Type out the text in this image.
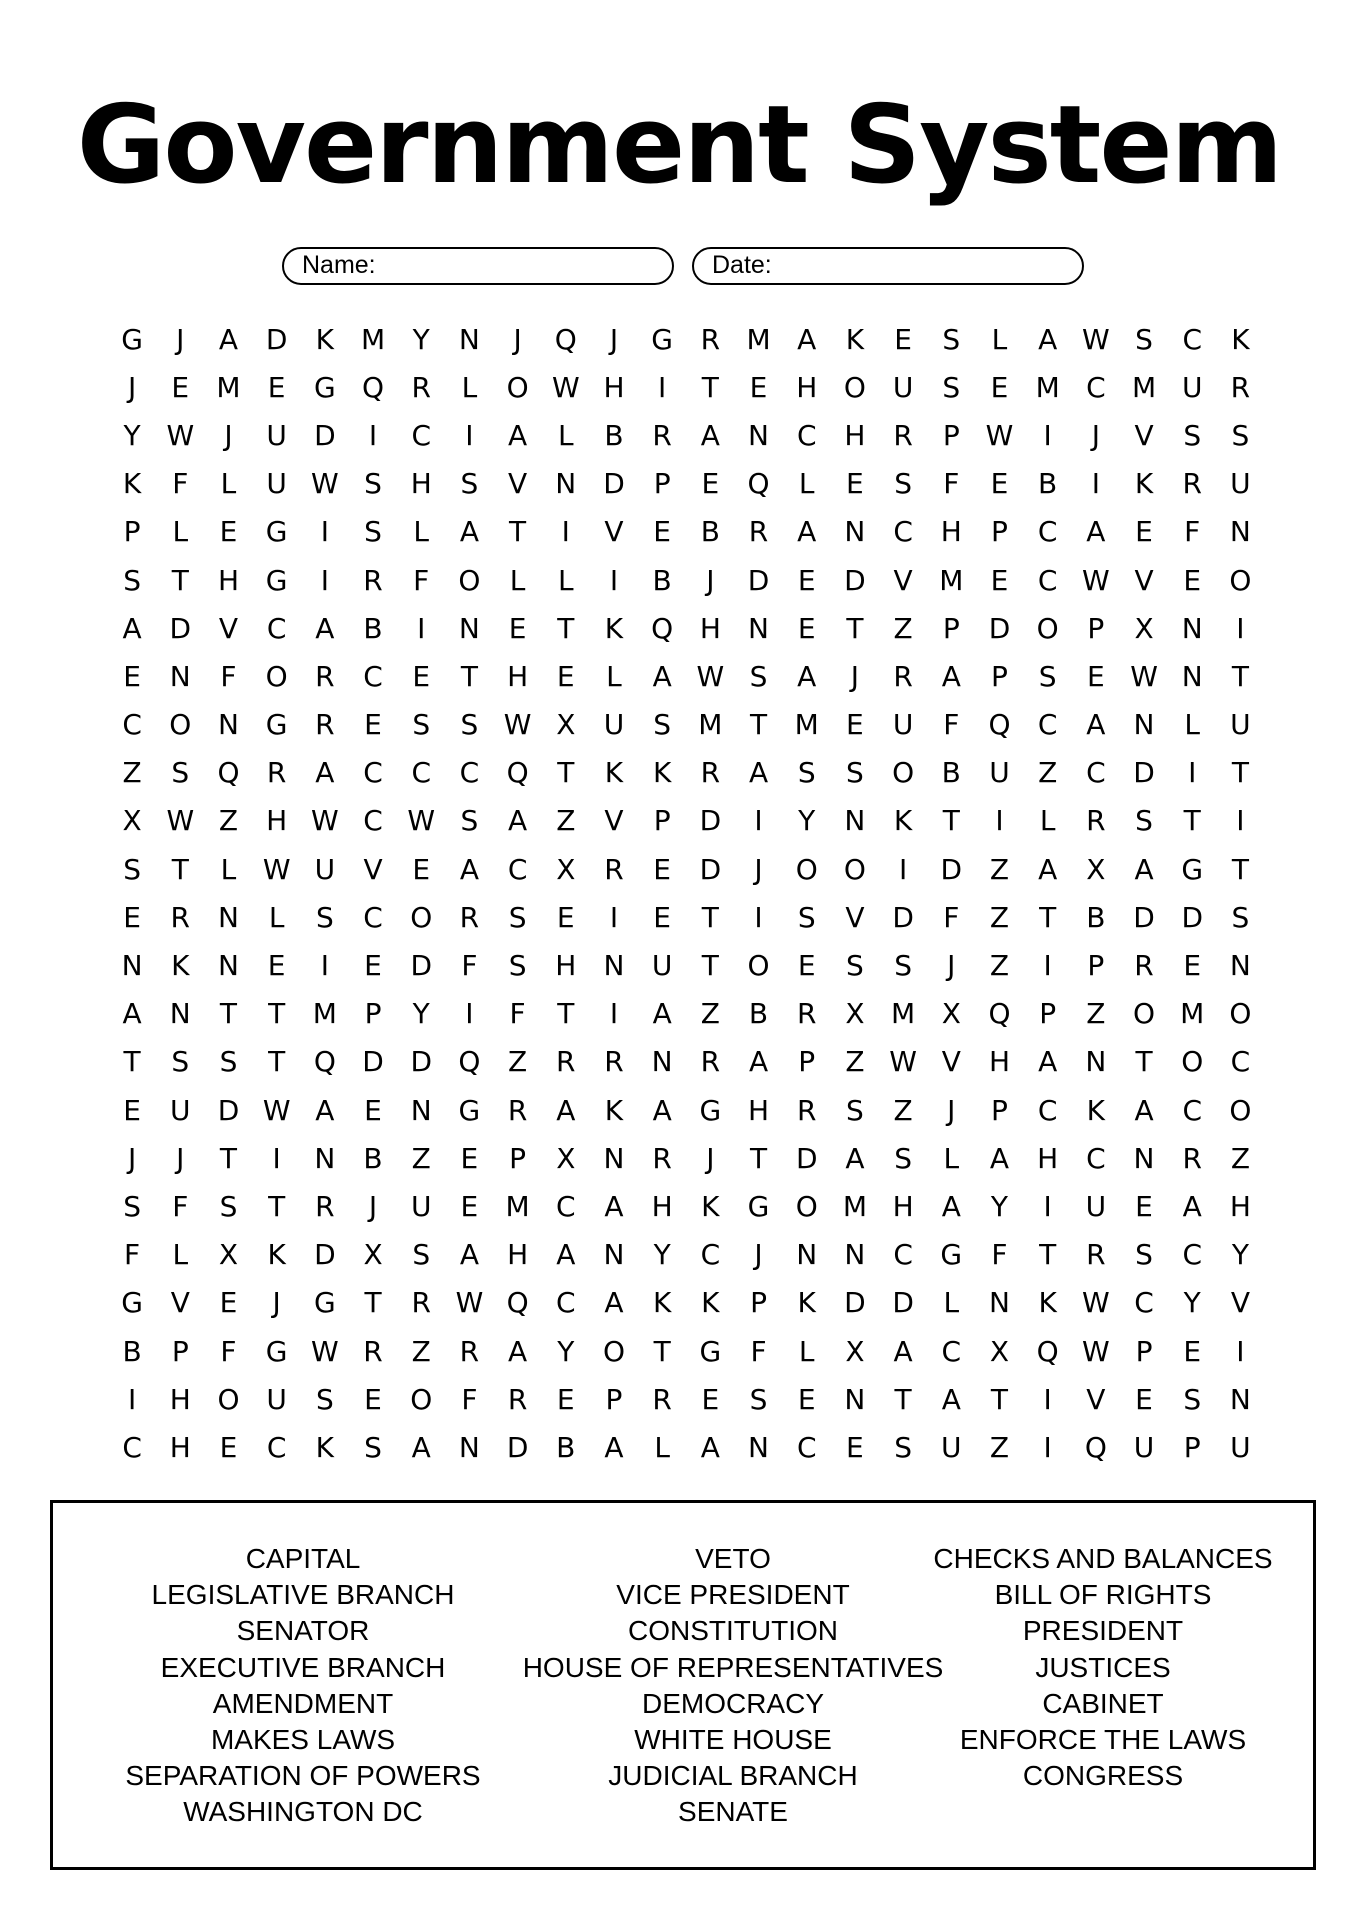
Government System
Name:	Date:
G	J	A D	K M Y	N	J	Q	J	G R M A	K	E	S	L	A W S	C	K
J	E M E	G Q R	L	O W H	I	T	E	H O U	S	E M C M U	R
Y W	J	U D	I	C	I	A	L	B	R	A	N C H R	P W	I	J	V	S	S
K	F	L	U W S	H	S	V	N D	P	E	Q	L	E	S	F	E	B	I	K	R	U
P	L	E	G	I	S	L	A	T	I	V	E	B	R	A	N C H	P	C	A	E	F	N
S	T	H G	I	R	F	O	L	L	I	B	J	D	E	D V M E	C W V	E	O
A D V	C	A	B	I	N	E	T	K Q H N	E	T	Z	P	D O	P	X	N	I
E	N	F	O R	C	E	T	H	E	L	A W S	A	J	R	A	P	S	E W N	T
C O N G R	E	S	S W X	U	S M T M E	U	F	Q C	A	N	L	U
Z	S	Q R	A	C	C	C Q	T	K	K	R	A	S	S	O B	U	Z	C D	I	T
X W Z	H W C W S	A	Z	V	P	D	I	Y	N	K	T	I	L	R	S	T	I
S	T	L W U	V	E	A	C	X	R	E	D	J	O O	I	D Z	A	X	A G	T
E	R N	L	S	C O R	S	E	I	E	T	I	S	V D	F	Z	T	B D D	S
N	K	N	E	I	E	D	F	S	H N U	T	O	E	S	S	J	Z	I	P	R	E	N
A	N	T	T M P	Y	I	F	T	I	A	Z	B	R	X M X Q	P	Z O M O
T	S	S	T	Q D D Q Z	R	R N R	A	P	Z W V	H	A	N	T	O C
E	U D W A	E	N G R	A	K	A G H R	S	Z	J	P	C	K	A	C O
J	J	T	I	N	B	Z	E	P	X	N R	J	T	D A	S	L	A	H C N R	Z
S	F	S	T	R	J	U	E M C	A	H	K	G O M H	A	Y	I	U	E	A	H
F	L	X	K	D X	S	A	H	A	N	Y	C	J	N N C G	F	T	R	S	C	Y
G V	E	J	G	T	R W Q C	A	K	K	P	K	D D	L	N	K W C	Y	V
B	P	F	G W R	Z	R	A	Y	O	T	G	F	L	X	A	C	X Q W P	E	I
I	H O U	S	E	O	F	R	E	P	R	E	S	E	N	T	A	T	I	V	E	S	N
C H	E	C	K	S	A	N D B	A	L	A	N C	E	S	U	Z	I	Q U	P	U
CAPITAL
LEGISLATIVE BRANCH
SENATOR
EXECUTIVE BRANCH
AMENDMENT
MAKES LAWS
SEPARATION OF POWERS
WASHINGTON DC
VETO
VICE PRESIDENT
CONSTITUTION
HOUSE OF REPRESENTATIVES
DEMOCRACY
WHITE HOUSE
JUDICIAL BRANCH
SENATE
CHECKS AND BALANCES
BILL OF RIGHTS
PRESIDENT
JUSTICES
CABINET
ENFORCE THE LAWS
CONGRESS
